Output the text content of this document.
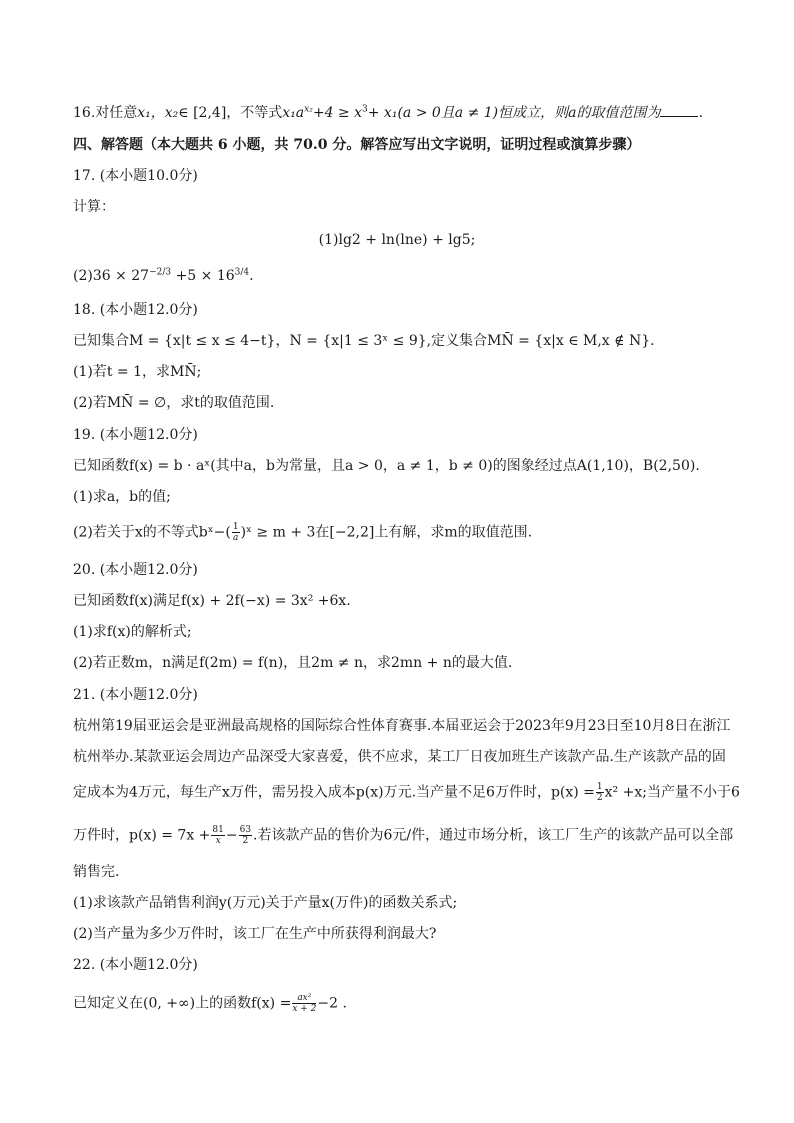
16.对任意x₁，x₂∈ [2,4]，不等式$x_1a^{x_2}+4 \ge x^3+ x_1(a > 0$且a ≠ 1)恒成立，则a的取值范围为	.
四、解答题（本大题共 6 小题，共 70.0 分。解答应写出文字说明，证明过程或演算步骤）
17. (本小题10.0分)
计算：
(1)lg2 + ln(lne) + lg5;
$(2)36 \times 27^{-2/3} +5 \times 16^{3/4}$.
18. (本小题12.0分)
已知集合M = {x|t ≤ x ≤ 4−t}，N = {x|1 ≤ 3ˣ ≤ 9},定义集合MN̄ = {x|x ∈ M,x ∉ N}.
(1)若t = 1，求MN̄;
(2)若MN̄ = ∅，求t的取值范围.
19. (本小题12.0分)
已知函数f(x) = b · aˣ(其中a，b为常量，且a > 0，a ≠ 1，b ≠ 0)的图象经过点A(1,10)，B(2,50).
(1)求a，b的值;
(2)若关于x的不等式bˣ−( $\frac{1}{a}$ )ˣ ≥ m + 3在[−2,2]上有解，求m的取值范围.
20. (本小题12.0分)
已知函数f(x)满足f(x) + 2f(−x) = 3x² +6x.
(1)求f(x)的解析式;
(2)若正数m，n满足f(2m) = f(n)，且2m ≠ n，求2mn + n的最大值.
21. (本小题12.0分)
杭州第19届亚运会是亚洲最高规格的国际综合性体育赛事.本届亚运会于2023年9月23日至10月8日在浙江
杭州举办.某款亚运会周边产品深受大家喜爱，供不应求，某工厂日夜加班生产该款产品.生产该款产品的固
定成本为4万元，每生产x万件，需另投入成本p(x)万元.当产量不足6万件时，$p(x) = \frac{1}{2} x^2 +x$;当产量不小于6
万件时，$p(x) = 7x + \frac{81}{x} - \frac{63}{2}$ .若该款产品的售价为6元/件，通过市场分析，该工厂生产的该款产品可以全部
销售完.
(1)求该款产品销售利润y(万元)关于产量x(万件)的函数关系式;
(2)当产量为多少万件时，该工厂在生产中所获得利润最大?
22. (本小题12.0分)
已知定义在(0, +∞)上的函数$f(x) = \frac{\text{ax²}}{x + 2} -2$ .
